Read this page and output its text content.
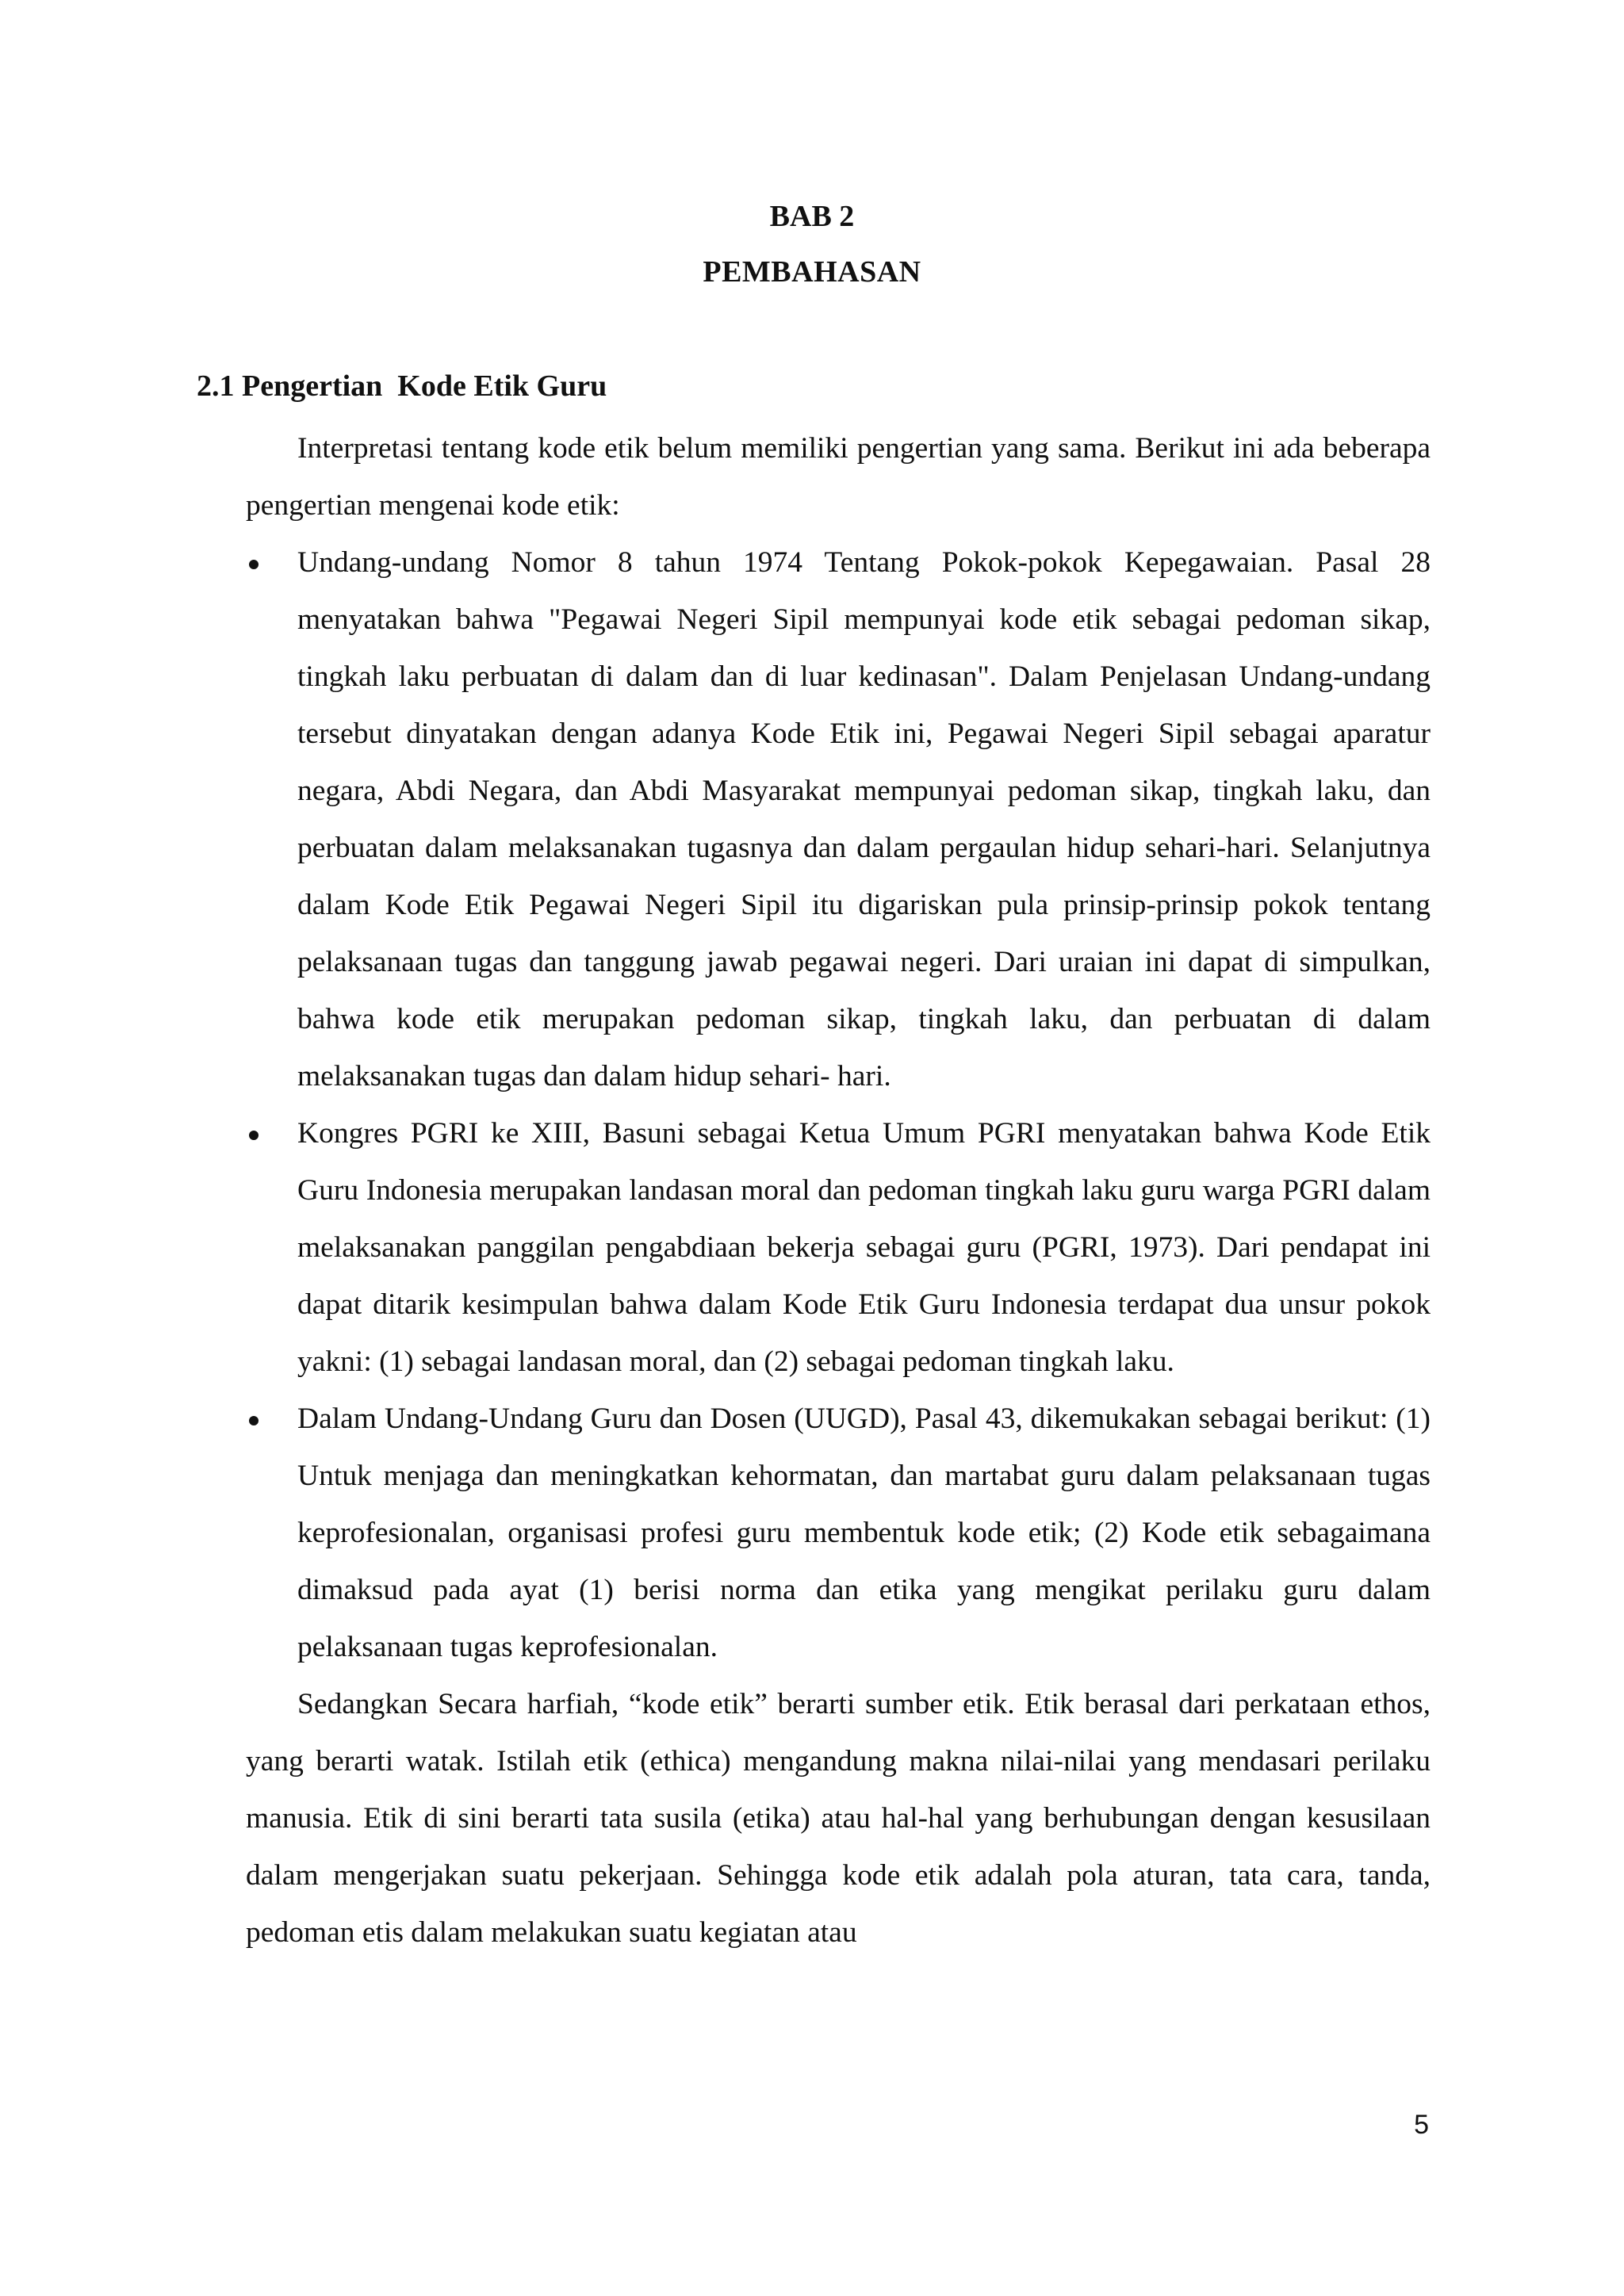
BAB 2
PEMBAHASAN
2.1 Pengertian  Kode Etik Guru

Interpretasi tentang kode etik belum memiliki pengertian yang sama. Berikut ini ada beberapa pengertian mengenai kode etik:

Undang-undang Nomor 8 tahun 1974 Tentang Pokok-pokok Kepegawaian. Pasal 28 menyatakan bahwa "Pegawai Negeri Sipil mempunyai kode etik sebagai pedoman sikap, tingkah laku perbuatan di dalam dan di luar kedinasan". Dalam Penjelasan Undang-undang tersebut dinyatakan dengan adanya Kode Etik ini, Pegawai Negeri Sipil sebagai aparatur negara, Abdi Negara, dan Abdi Masyarakat mempunyai pedoman sikap, tingkah laku, dan perbuatan dalam melaksanakan tugasnya dan dalam pergaulan hidup sehari-hari. Selanjutnya dalam Kode Etik Pegawai Negeri Sipil itu digariskan pula prinsip-prinsip pokok tentang pelaksanaan tugas dan tanggung jawab pegawai negeri. Dari uraian ini dapat di simpulkan, bahwa kode etik merupakan pedoman sikap, tingkah laku, dan perbuatan di dalam melaksanakan tugas dan dalam hidup sehari- hari.
Kongres PGRI ke XIII, Basuni sebagai Ketua Umum PGRI menyatakan bahwa Kode Etik Guru Indonesia merupakan landasan moral dan pedoman tingkah laku guru warga PGRI dalam melaksanakan panggilan pengabdiaan bekerja sebagai guru (PGRI, 1973). Dari pendapat ini dapat ditarik kesimpulan bahwa dalam Kode Etik Guru Indonesia terdapat dua unsur pokok yakni: (1) sebagai landasan moral, dan (2) sebagai pedoman tingkah laku.
Dalam Undang-Undang Guru dan Dosen (UUGD), Pasal 43, dikemukakan sebagai berikut: (1) Untuk menjaga dan meningkatkan kehormatan, dan martabat guru dalam pelaksanaan tugas keprofesionalan, organisasi profesi guru membentuk kode etik; (2) Kode etik sebagaimana dimaksud pada ayat (1) berisi norma dan etika yang mengikat perilaku guru dalam pelaksanaan tugas keprofesionalan.

Sedangkan Secara harfiah, “kode etik” berarti sumber etik. Etik berasal dari perkataan ethos, yang berarti watak. Istilah etik (ethica) mengandung makna nilai-nilai yang mendasari perilaku manusia. Etik di sini berarti tata susila (etika) atau hal-hal yang berhubungan dengan kesusilaan dalam mengerjakan suatu pekerjaan. Sehingga kode etik adalah pola aturan, tata cara, tanda, pedoman etis dalam melakukan suatu kegiatan atau

5
